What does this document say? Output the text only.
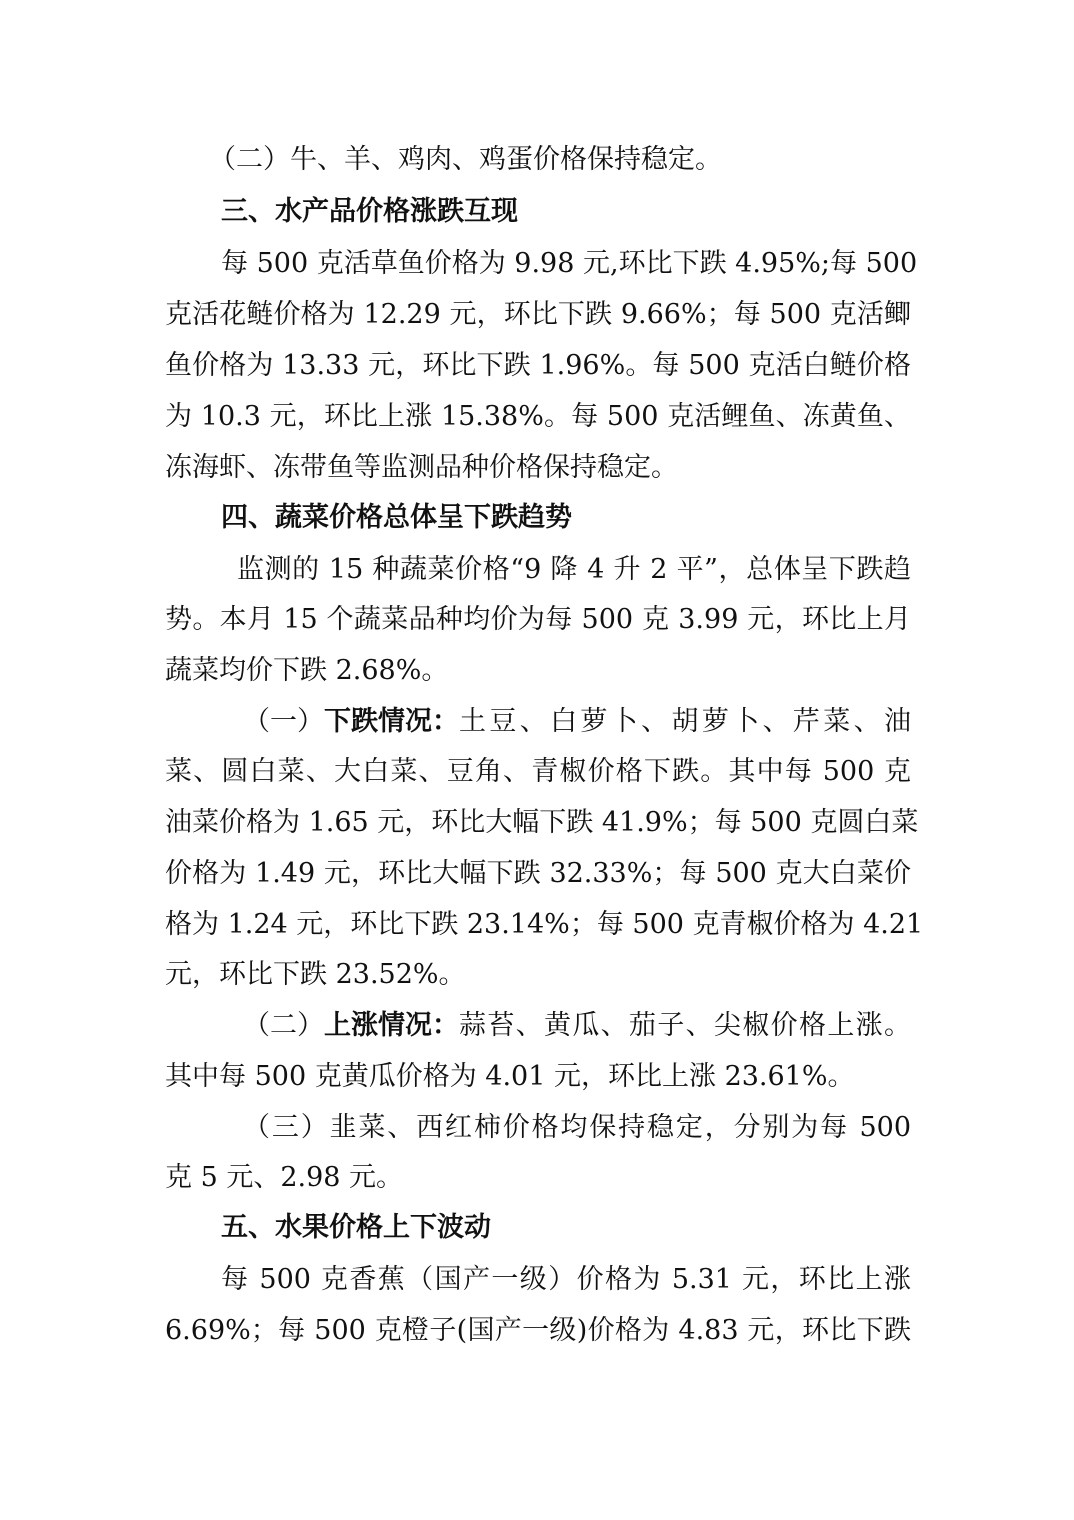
（二）牛、羊、鸡肉、鸡蛋价格保持稳定。
三、水产品价格涨跌互现
每 500 克活草鱼价格为 9.98 元,环比下跌 4.95%;每 500
克活花鲢价格为 12.29 元，环比下跌 9.66%；每 500 克活鲫
鱼价格为 13.33 元，环比下跌 1.96%。每 500 克活白鲢价格
为 10.3 元，环比上涨 15.38%。每 500 克活鲤鱼、冻黄鱼、
冻海虾、冻带鱼等监测品种价格保持稳定。
四、蔬菜价格总体呈下跌趋势
监测的 15 种蔬菜价格“9 降 4 升 2 平”，总体呈下跌趋
势。本月 15 个蔬菜品种均价为每 500 克 3.99 元，环比上月
蔬菜均价下跌 2.68%。
（一） 下跌情况： 土豆、白萝卜、胡萝卜、芹菜、油
菜、圆白菜、大白菜、豆角、青椒价格下跌。其中每 500 克
油菜价格为 1.65 元，环比大幅下跌 41.9%；每 500 克圆白菜
价格为 1.49 元，环比大幅下跌 32.33%；每 500 克大白菜价
格为 1.24 元，环比下跌 23.14%；每 500 克青椒价格为 4.21
元，环比下跌 23.52%。
（二） 上涨情况： 蒜苔、黄瓜、茄子、尖椒价格上涨。
其中每 500 克黄瓜价格为 4.01 元，环比上涨 23.61%。
（三）韭菜、西红柿价格均保持稳定，分别为每 500
克 5 元、2.98 元。
五、水果价格上下波动
每 500 克香蕉（国产一级）价格为 5.31 元，环比上涨
6.69%；每 500 克橙子(国产一级)价格为 4.83 元，环比下跌
